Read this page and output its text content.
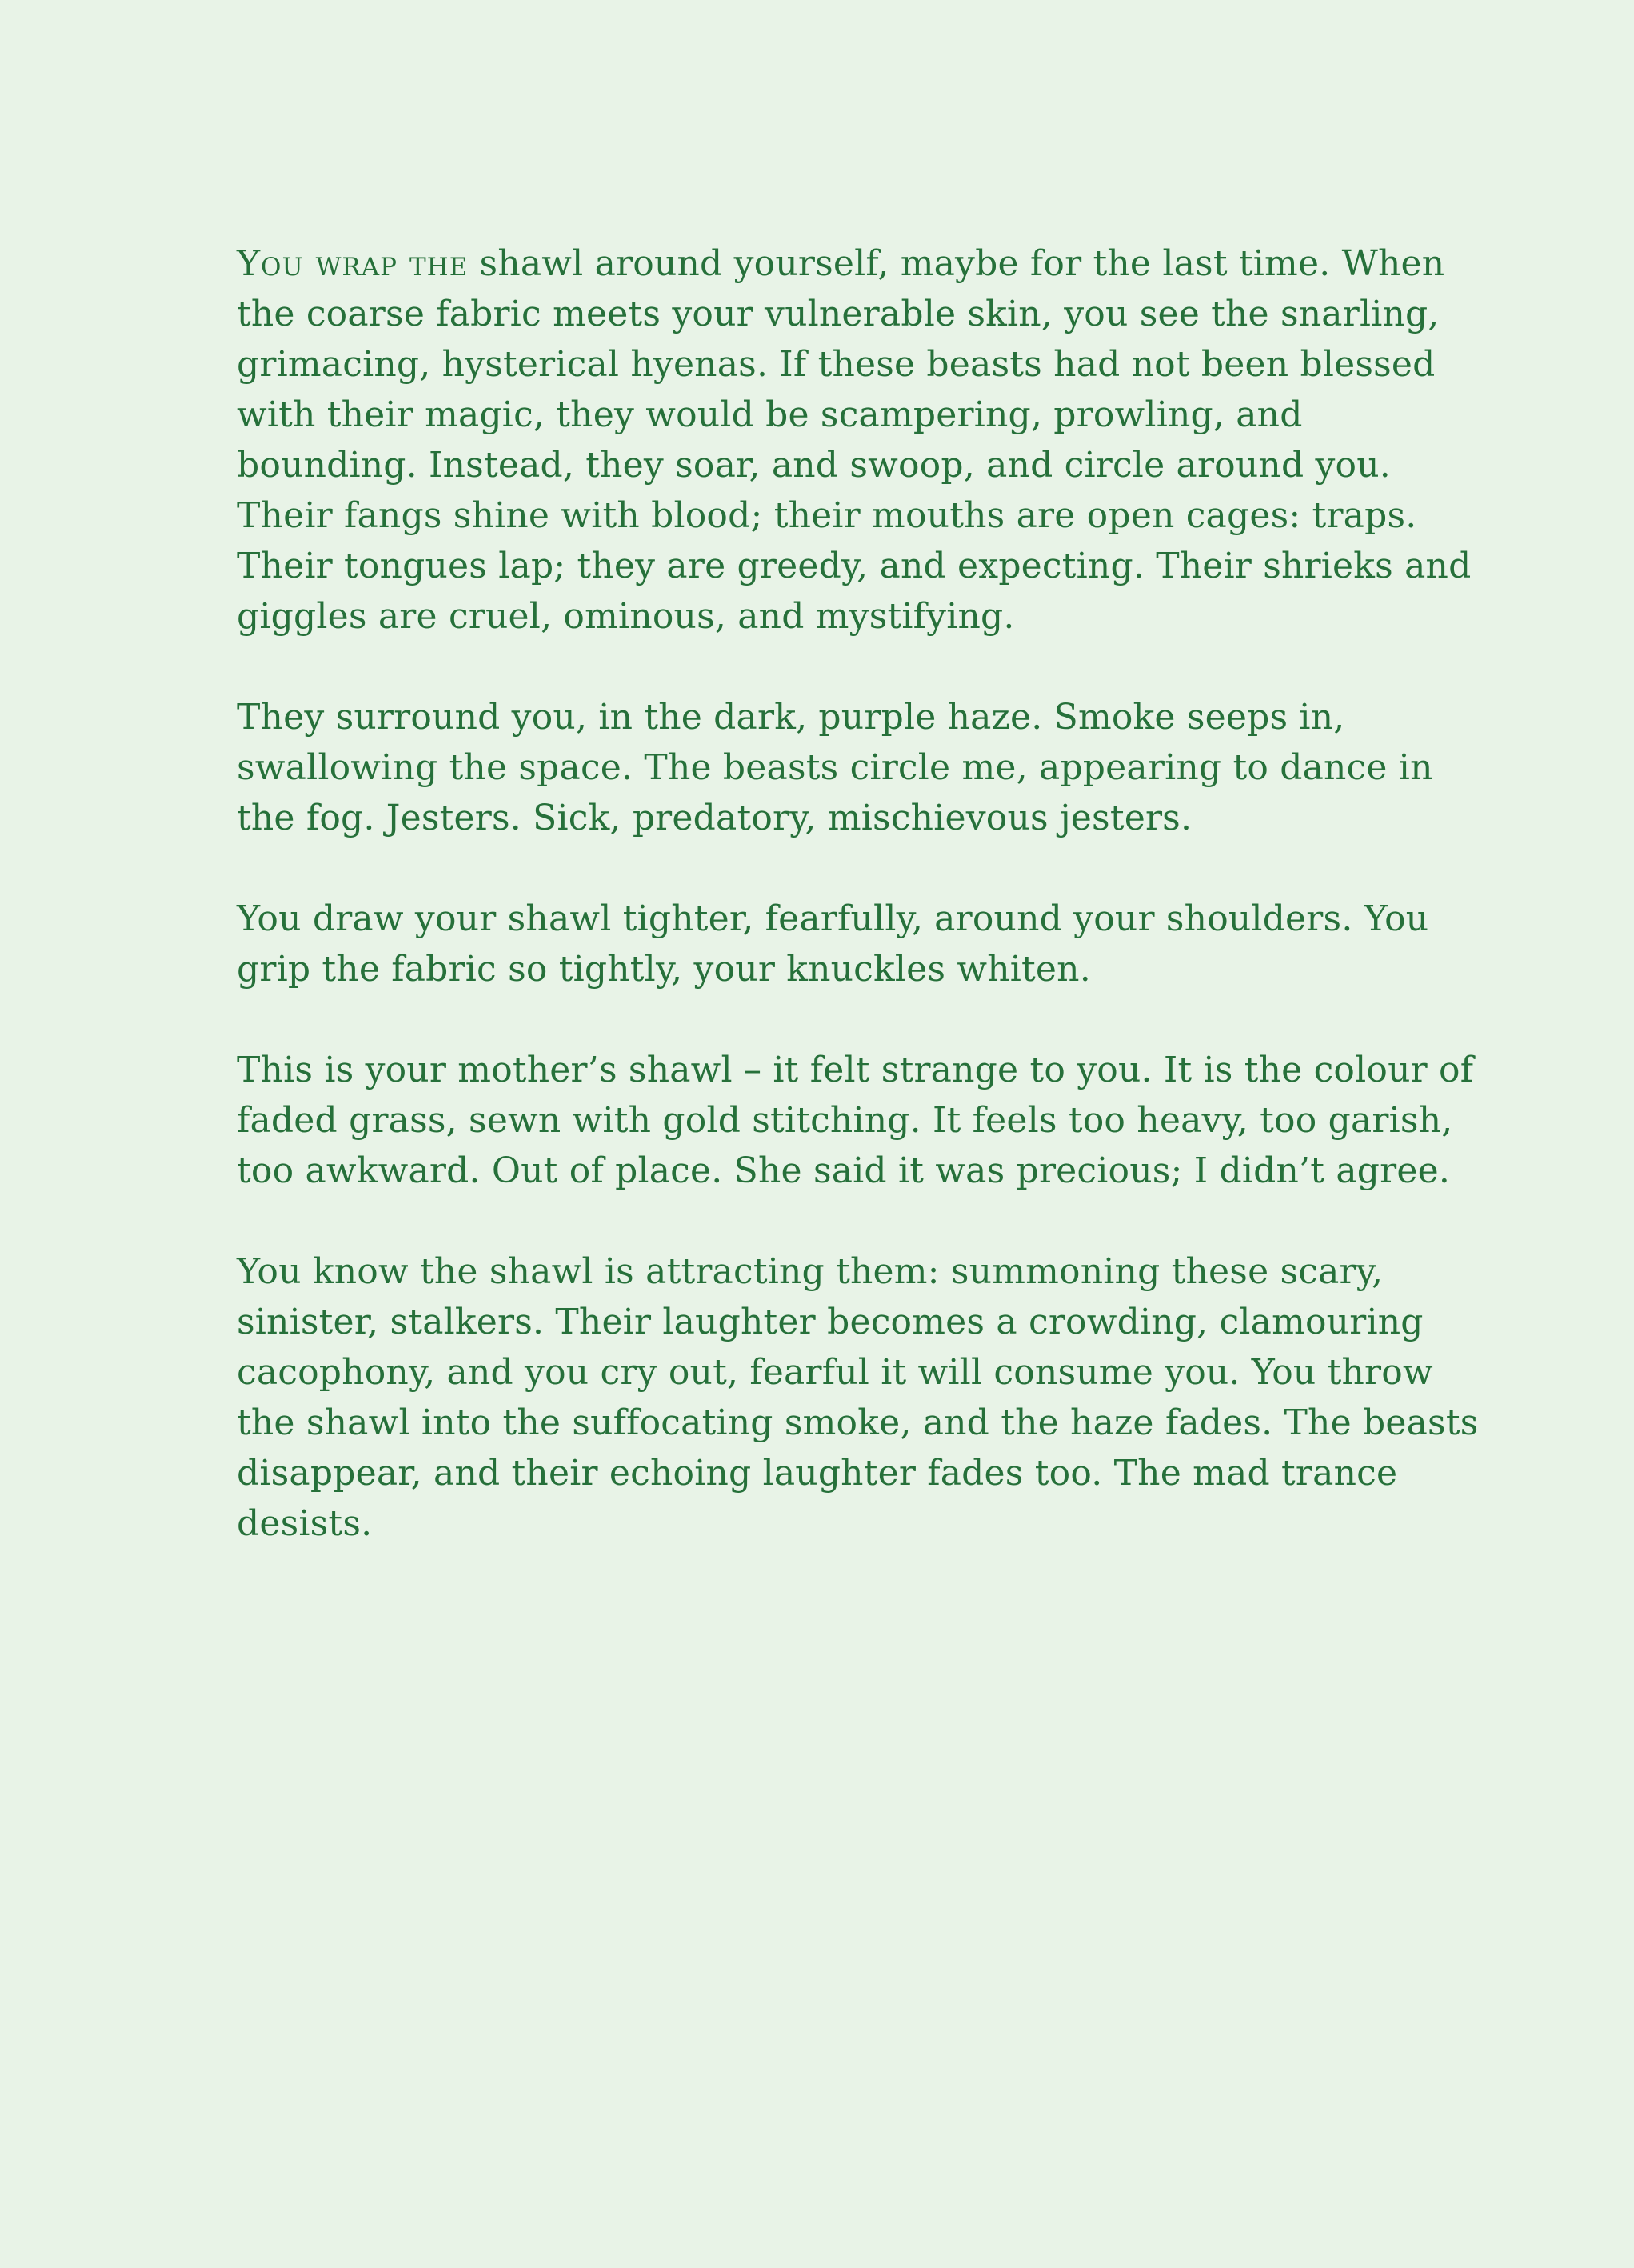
You wrap the shawl around yourself, maybe for the last time. When the coarse fabric meets your vulnerable skin, you see the snarling, grimacing, hysterical hyenas. If these beasts had not been blessed with their magic, they would be scampering, prowling, and bounding. Instead, they soar, and swoop, and circle around you. Their fangs shine with blood; their mouths are open cages: traps. Their tongues lap; they are greedy, and expecting. Their shrieks and giggles are cruel, ominous, and mystifying.

They surround you, in the dark, purple haze. Smoke seeps in, swallowing the space. The beasts circle me, appearing to dance in the fog. Jesters. Sick, predatory, mischievous jesters.

You draw your shawl tighter, fearfully, around your shoulders. You grip the fabric so tightly, your knuckles whiten.

This is your mother’s shawl – it felt strange to you. It is the colour of faded grass, sewn with gold stitching. It feels too heavy, too garish, too awkward. Out of place. She said it was precious; I didn’t agree.

You know the shawl is attracting them: summoning these scary, sinister, stalkers. Their laughter becomes a crowding, clamouring cacophony, and you cry out, fearful it will consume you. You throw the shawl into the suffocating smoke, and the haze fades. The beasts disappear, and their echoing laughter fades too. The mad trance desists.
